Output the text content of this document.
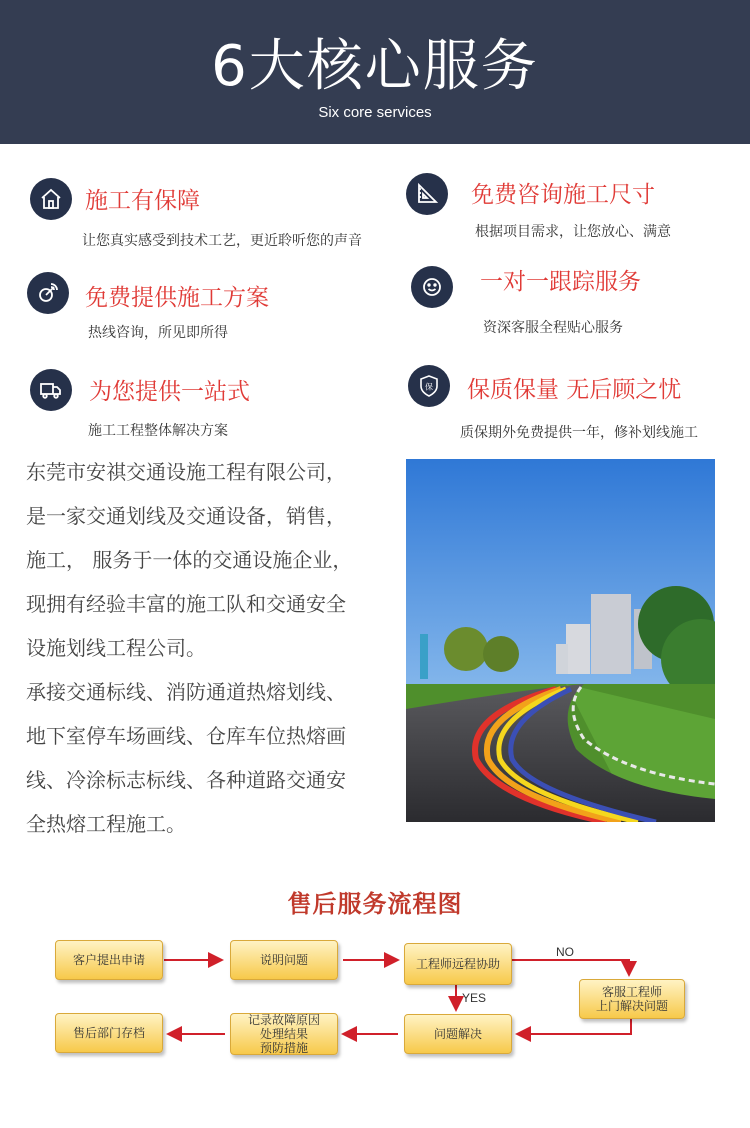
6大核心服务
Six core services
施工有保障
让您真实感受到技术工艺，更近聆听您的声音
免费咨询施工尺寸
根据项目需求，让您放心、满意
免费提供施工方案
热线咨询，所见即所得
一对一跟踪服务
资深客服全程贴心服务
为您提供一站式
施工工程整体解决方案
保 保质保量 无后顾之忧
质保期外免费提供一年，修补划线施工

东莞市安祺交通设施工程有限公司，

是一家交通划线及交通设备，销售，

施工， 服务于一体的交通设施企业，

现拥有经验丰富的施工队和交通安全

设施划线工程公司。

承接交通标线、消防通道热熔划线、

地下室停车场画线、仓库车位热熔画

线、冷涂标志标线、各种道路交通安

全热熔工程施工。

售后服务流程图
客户提出申请	说明问题	工程师远程协助
客服工程师
上门解决问题
问题解决
记录故障原因
处理结果
预防措施
售后部门存档
NO
YES
